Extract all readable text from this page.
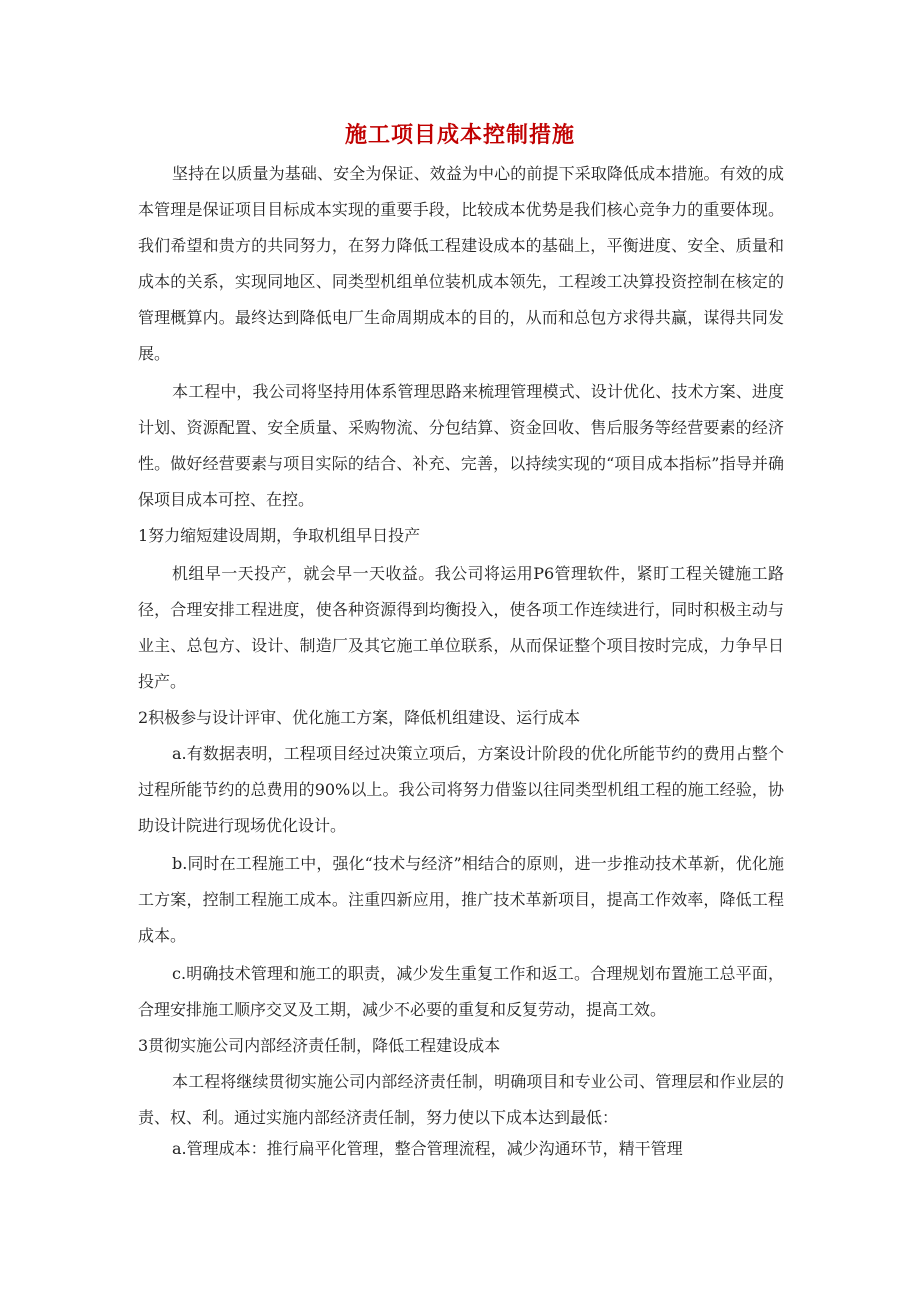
施工项目成本控制措施

坚持在以质量为基础、安全为保证、效益为中心的前提下采取降低成本措施。有效的成本管理是保证项目目标成本实现的重要手段，比较成本优势是我们核心竞争力的重要体现。我们希望和贵方的共同努力，在努力降低工程建设成本的基础上，平衡进度、安全、质量和成本的关系，实现同地区、同类型机组单位装机成本领先，工程竣工决算投资控制在核定的管理概算内。最终达到降低电厂生命周期成本的目的，从而和总包方求得共赢，谋得共同发展。

本工程中，我公司将坚持用体系管理思路来梳理管理模式、设计优化、技术方案、进度计划、资源配置、安全质量、采购物流、分包结算、资金回收、售后服务等经营要素的经济性。做好经营要素与项目实际的结合、补充、完善，以持续实现的“项目成本指标”指导并确保项目成本可控、在控。

1努力缩短建设周期，争取机组早日投产

机组早一天投产，就会早一天收益。我公司将运用P6管理软件，紧盯工程关键施工路径，合理安排工程进度，使各种资源得到均衡投入，使各项工作连续进行，同时积极主动与业主、总包方、设计、制造厂及其它施工单位联系，从而保证整个项目按时完成，力争早日投产。

2积极参与设计评审、优化施工方案，降低机组建设、运行成本

a.有数据表明，工程项目经过决策立项后，方案设计阶段的优化所能节约的费用占整个过程所能节约的总费用的90%以上。我公司将努力借鉴以往同类型机组工程的施工经验，协助设计院进行现场优化设计。

b.同时在工程施工中，强化“技术与经济”相结合的原则，进一步推动技术革新，优化施工方案，控制工程施工成本。注重四新应用，推广技术革新项目，提高工作效率，降低工程成本。

c.明确技术管理和施工的职责，减少发生重复工作和返工。合理规划布置施工总平面，合理安排施工顺序交叉及工期，减少不必要的重复和反复劳动，提高工效。

3贯彻实施公司内部经济责任制，降低工程建设成本

本工程将继续贯彻实施公司内部经济责任制，明确项目和专业公司、管理层和作业层的责、权、利。通过实施内部经济责任制，努力使以下成本达到最低：

a.管理成本：推行扁平化管理，整合管理流程，减少沟通环节，精干管理
